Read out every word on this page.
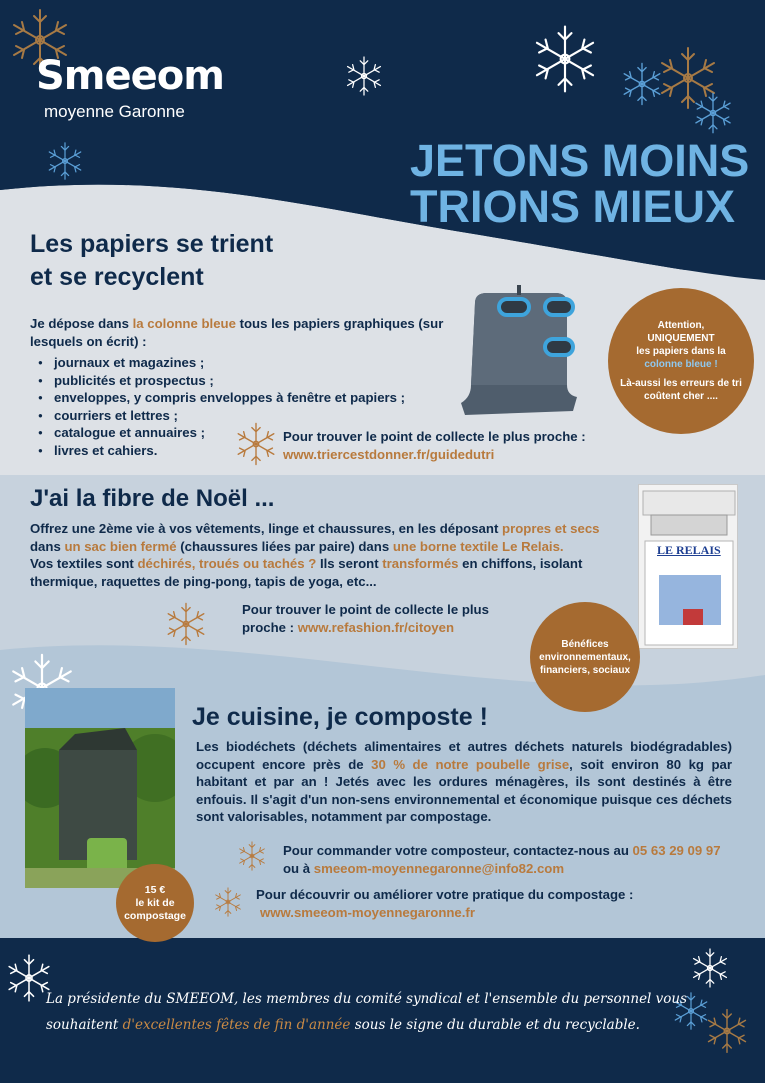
Smeeom
moyenne Garonne
JETONS MOINS
TRIONS MIEUX
Les papiers se trient
et se recyclent
Je dépose dans la colonne bleue tous les papiers graphiques (sur lesquels on écrit) :
● journaux et magazines ;
● publicités et prospectus ;
● enveloppes, y compris enveloppes à fenêtre et papiers ;
● courriers et lettres ;
● catalogue et annuaires ;
● livres et cahiers.
Pour trouver le point de collecte le plus proche :
www.triercestdonner.fr/guidedutri
Attention,
UNIQUEMENT
les papiers dans la
colonne bleue !
Là-aussi les erreurs de tri coûtent cher ....
J'ai la fibre de Noël ...
Offrez une 2ème vie à vos vêtements, linge et chaussures, en les déposant propres et secs dans un sac bien fermé (chaussures liées par paire) dans une borne textile Le Relais.
Vos textiles sont déchirés, troués ou tachés ? Ils seront transformés en chiffons, isolant thermique, raquettes de ping-pong, tapis de yoga, etc...
Pour trouver le point de collecte le plus proche : www.refashion.fr/citoyen
LE RELAIS
Bénéfices environnementaux, financiers, sociaux
Je cuisine, je composte !
Les biodéchets (déchets alimentaires et autres déchets naturels biodégradables) occupent encore près de 30 % de notre poubelle grise, soit environ 80 kg par habitant et par an ! Jetés avec les ordures ménagères, ils sont destinés à être enfouis. Il s'agit d'un non-sens environnemental et économique puisque ces déchets sont valorisables, notamment par compostage.
Pour commander votre composteur, contactez-nous au 05 63 29 09 97
ou à smeeom-moyennegaronne@info82.com
Pour découvrir ou améliorer votre pratique du compostage :
www.smeeom-moyennegaronne.fr
15 €
le kit de compostage
La présidente du SMEEOM, les membres du comité syndical et l'ensemble du personnel vous souhaitent d'excellentes fêtes de fin d'année sous le signe du durable et du recyclable.
